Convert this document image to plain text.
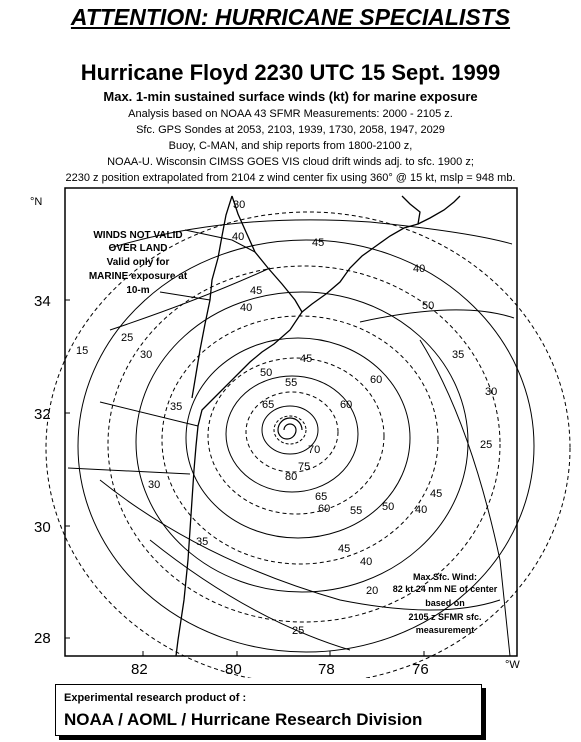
ATTENTION: HURRICANE SPECIALISTS
Hurricane Floyd 2230 UTC 15 Sept. 1999
Max. 1-min sustained surface winds (kt) for marine exposure
Analysis based on NOAA 43 SFMR Measurements: 2000 - 2105 z.
Sfc. GPS Sondes at 2053, 2103, 1939, 1730, 2058, 1947, 2029
Buoy, C-MAN, and ship reports from 1800-2100 z,
NOAA-U. Wisconsin CIMSS GOES VIS cloud drift winds adj. to sfc. 1900 z;
2230 z position extrapolated from 2104 z wind center fix using 360° @ 15 kt, mslp = 948 mb.
°N
34
32
30
28
82	80	78	76	°W
WINDS NOT VALID
OVER LAND
Valid only for
MARINE exposure at
10-m
Max Sfc. Wind:
82 kt 24 nm NE of center
based on
2105 z SFMR sfc.
measurement
30
40	45
40
45
50
40
15
25
30
35
45
50
55	60
60
65
70
75
80
65
60 55 50
45
40
35
30
25
45
40
35
30
25
20
Experimental research product of :
NOAA / AOML / Hurricane Research Division
